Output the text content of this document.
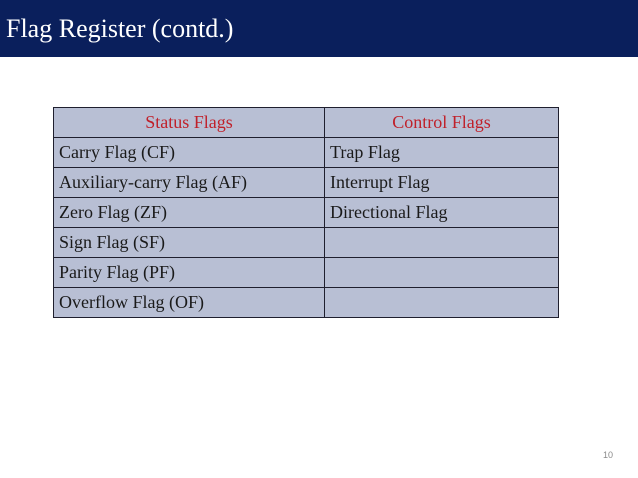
Flag Register (contd.)
Status Flags	Control Flags
Carry Flag (CF)	Trap Flag
Auxiliary-carry Flag (AF)	Interrupt Flag
Zero Flag (ZF)	Directional Flag
Sign Flag (SF)	
Parity Flag (PF)	
Overflow Flag (OF)	
10
